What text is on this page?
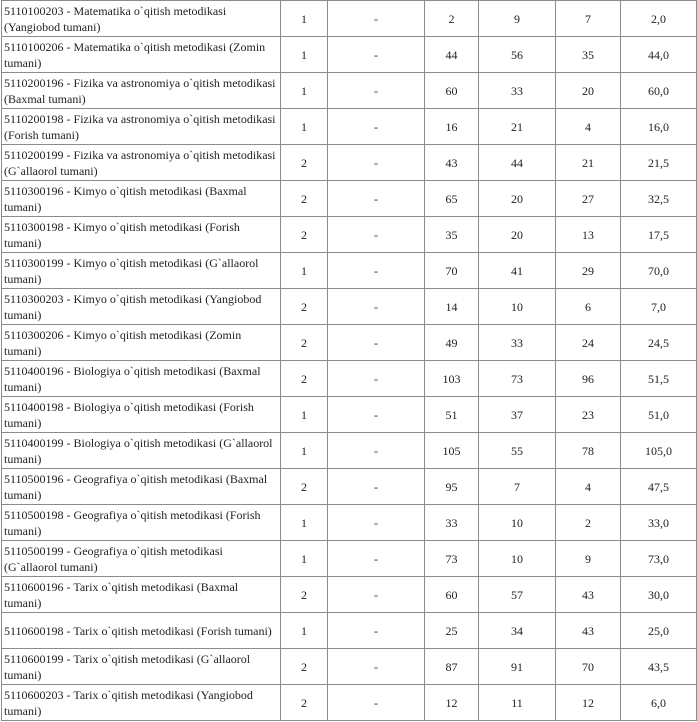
5110100203 - Matematika o`qitish metodikasi (Yangiobod tumani)	1	-	2	9	7	2,0
5110100206 - Matematika o`qitish metodikasi (Zomin tumani)	1	-	44	56	35	44,0
5110200196 - Fizika va astronomiya o`qitish metodikasi (Baxmal tumani)	1	-	60	33	20	60,0
5110200198 - Fizika va astronomiya o`qitish metodikasi (Forish tumani)	1	-	16	21	4	16,0
5110200199 - Fizika va astronomiya o`qitish metodikasi (G`allaorol tumani)	2	-	43	44	21	21,5
5110300196 - Kimyo o`qitish metodikasi (Baxmal tumani)	2	-	65	20	27	32,5
5110300198 - Kimyo o`qitish metodikasi (Forish tumani)	2	-	35	20	13	17,5
5110300199 - Kimyo o`qitish metodikasi (G`allaorol tumani)	1	-	70	41	29	70,0
5110300203 - Kimyo o`qitish metodikasi (Yangiobod tumani)	2	-	14	10	6	7,0
5110300206 - Kimyo o`qitish metodikasi (Zomin tumani)	2	-	49	33	24	24,5
5110400196 - Biologiya o`qitish metodikasi (Baxmal tumani)	2	-	103	73	96	51,5
5110400198 - Biologiya o`qitish metodikasi (Forish tumani)	1	-	51	37	23	51,0
5110400199 - Biologiya o`qitish metodikasi (G`allaorol tumani)	1	-	105	55	78	105,0
5110500196 - Geografiya o`qitish metodikasi (Baxmal tumani)	2	-	95	7	4	47,5
5110500198 - Geografiya o`qitish metodikasi (Forish tumani)	1	-	33	10	2	33,0
5110500199 - Geografiya o`qitish metodikasi (G`allaorol tumani)	1	-	73	10	9	73,0
5110600196 - Tarix o`qitish metodikasi (Baxmal tumani)	2	-	60	57	43	30,0
5110600198 - Tarix o`qitish metodikasi (Forish tumani)	1	-	25	34	43	25,0
5110600199 - Tarix o`qitish metodikasi (G`allaorol tumani)	2	-	87	91	70	43,5
5110600203 - Tarix o`qitish metodikasi (Yangiobod tumani)	2	-	12	11	12	6,0
